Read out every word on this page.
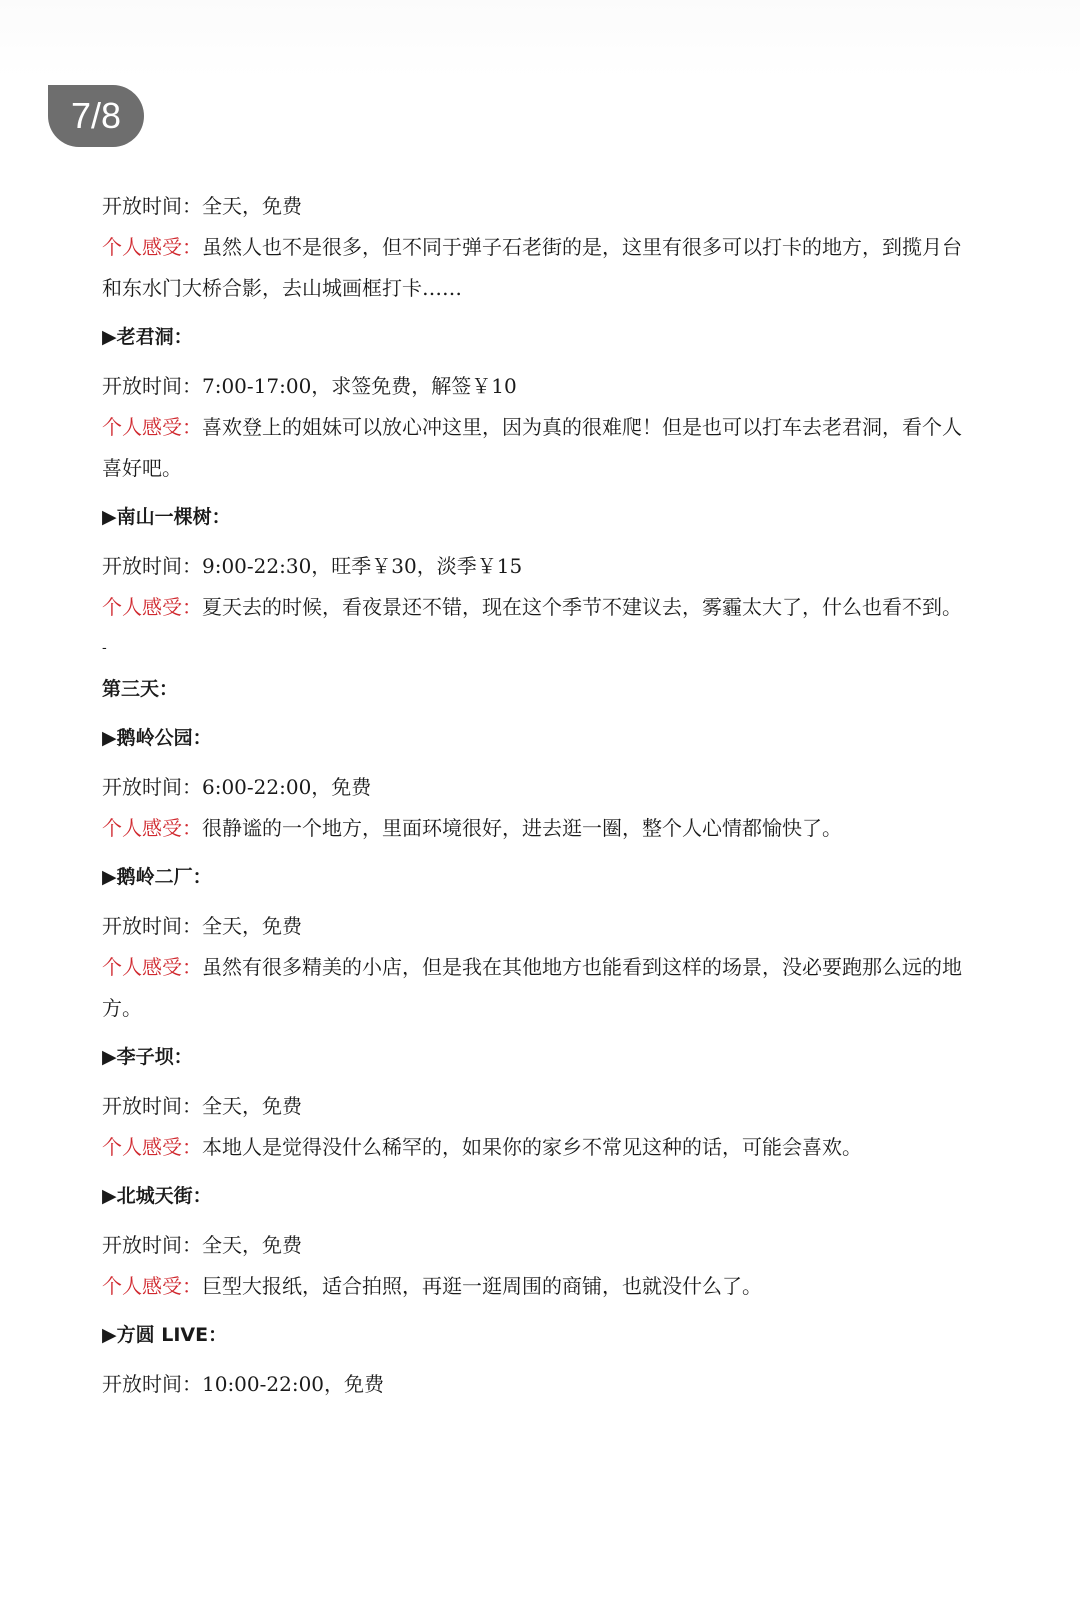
7/8
开放时间：全天，免费
个人感受：虽然人也不是很多，但不同于弹子石老街的是，这里有很多可以打卡的地方，到揽月台和东水门大桥合影，去山城画框打卡……
▶老君洞：
开放时间：7:00-17:00，求签免费，解签￥10
个人感受：喜欢登上的姐妹可以放心冲这里，因为真的很难爬！但是也可以打车去老君洞，看个人喜好吧。
▶南山一棵树：
开放时间：9:00-22:30，旺季￥30，淡季￥15
个人感受：夏天去的时候，看夜景还不错，现在这个季节不建议去，雾霾太大了，什么也看不到。
-
第三天：
▶鹅岭公园：
开放时间：6:00-22:00，免费
个人感受：很静谧的一个地方，里面环境很好，进去逛一圈，整个人心情都愉快了。
▶鹅岭二厂：
开放时间：全天，免费
个人感受：虽然有很多精美的小店，但是我在其他地方也能看到这样的场景，没必要跑那么远的地方。
▶李子坝：
开放时间：全天，免费
个人感受：本地人是觉得没什么稀罕的，如果你的家乡不常见这种的话，可能会喜欢。
▶北城天街：
开放时间：全天，免费
个人感受：巨型大报纸，适合拍照，再逛一逛周围的商铺，也就没什么了。
▶方圆 LIVE：
开放时间：10:00-22:00，免费
